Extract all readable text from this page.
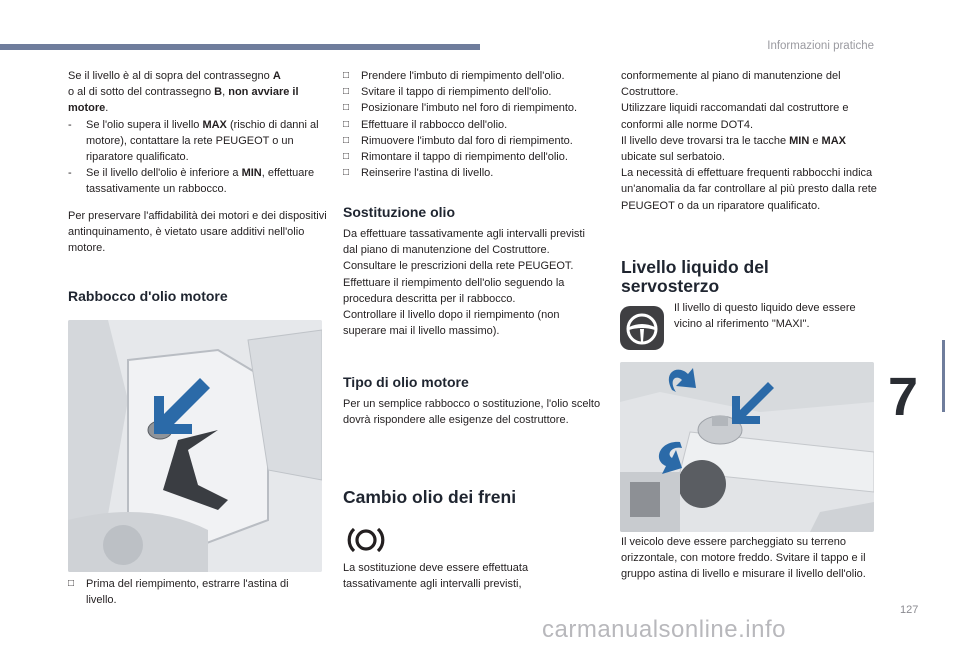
Informazioni pratiche

Se il livello è al di sopra del contrassegno A
o al di sotto del contrassegno B, non avviare il motore.

-	Se l'olio supera il livello MAX (rischio di danni al motore), contattare la rete PEUGEOT o un riparatore qualificato.
-	Se il livello dell'olio è inferiore a MIN, effettuare tassativamente un rabbocco.

Per preservare l'affidabilità dei motori e dei dispositivi antinquinamento, è vietato usare additivi nell'olio motore.

Rabbocco d'olio motore
□	Prima del riempimento, estrarre l'astina di livello.
□	Prendere l'imbuto di riempimento dell'olio.
□	Svitare il tappo di riempimento dell'olio.
□	Posizionare l'imbuto nel foro di riempimento.
□	Effettuare il rabbocco dell'olio.
□	Rimuovere l'imbuto dal foro di riempimento.
□	Rimontare il tappo di riempimento dell'olio.
□	Reinserire l'astina di livello.
Sostituzione olio

Da effettuare tassativamente agli intervalli previsti dal piano di manutenzione del Costruttore. Consultare le prescrizioni della rete PEUGEOT.

Effettuare il riempimento dell'olio seguendo la procedura descritta per il rabbocco.

Controllare il livello dopo il riempimento (non superare mai il livello massimo).

Tipo di olio motore
Per un semplice rabbocco o sostituzione, l'olio scelto dovrà rispondere alle esigenze del costruttore.
Cambio olio dei freni
La sostituzione deve essere effettuata tassativamente agli intervalli previsti,

conformemente al piano di manutenzione del Costruttore.

Utilizzare liquidi raccomandati dal costruttore e conformi alle norme DOT4.

Il livello deve trovarsi tra le tacche MIN e MAX ubicate sul serbatoio.

La necessità di effettuare frequenti rabbocchi indica un'anomalia da far controllare al più presto dalla rete PEUGEOT o da un riparatore qualificato.

Livello liquido del servosterzo
Il livello di questo liquido deve essere vicino al riferimento "MAXI".
Il veicolo deve essere parcheggiato su terreno orizzontale, con motore freddo. Svitare il tappo e il gruppo astina di livello e misurare il livello dell'olio.
7
127
carmanualsonline.info
